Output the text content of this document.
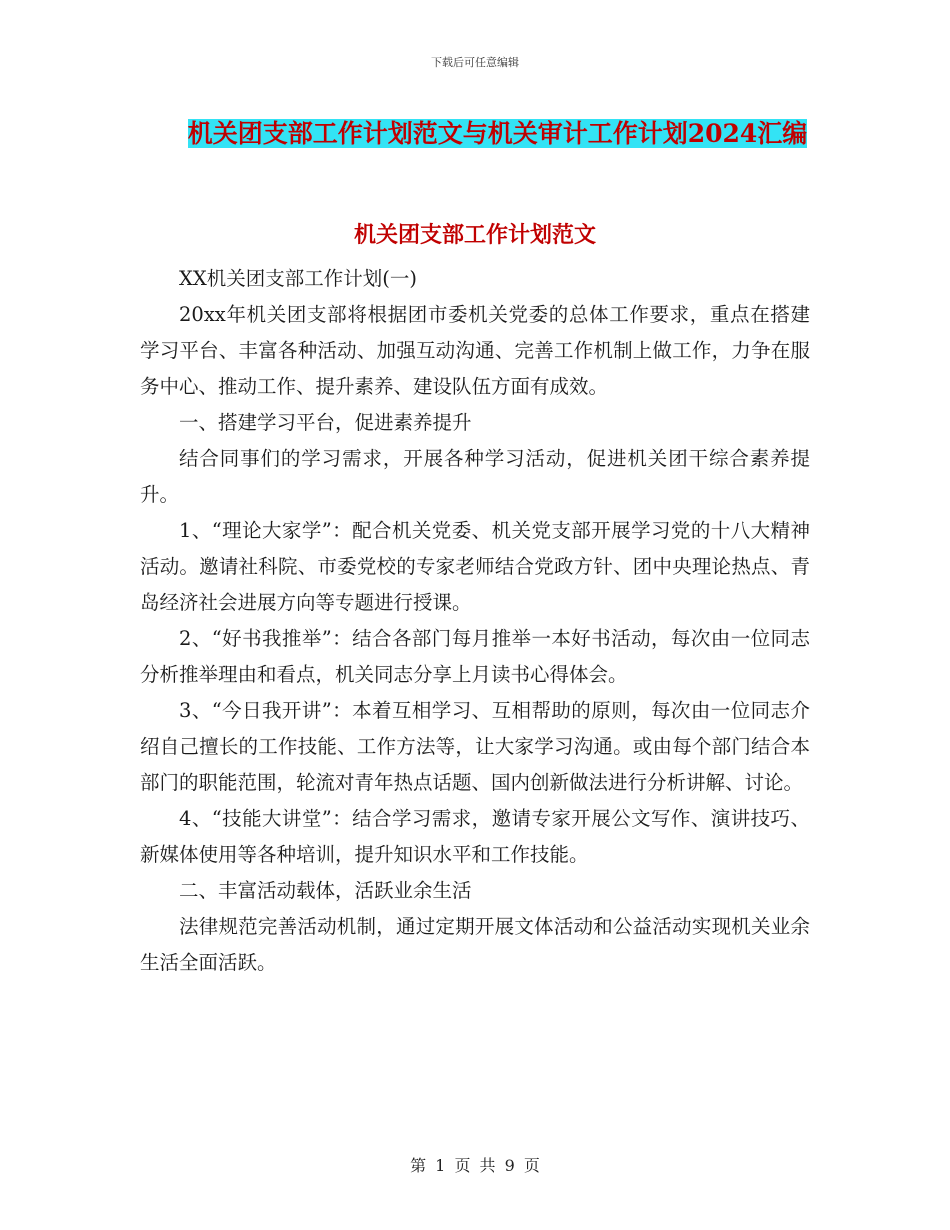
下载后可任意编辑
机关团支部工作计划范文与机关审计工作计划2024汇编
机关团支部工作计划范文

XX机关团支部工作计划(一)

20xx年机关团支部将根据团市委机关党委的总体工作要求，重点在搭建学习平台、丰富各种活动、加强互动沟通、完善工作机制上做工作，力争在服务中心、推动工作、提升素养、建设队伍方面有成效。

一、搭建学习平台，促进素养提升

结合同事们的学习需求，开展各种学习活动，促进机关团干综合素养提升。

1、“理论大家学”：配合机关党委、机关党支部开展学习党的十八大精神活动。邀请社科院、市委党校的专家老师结合党政方针、团中央理论热点、青岛经济社会进展方向等专题进行授课。

2、“好书我推举”：结合各部门每月推举一本好书活动，每次由一位同志分析推举理由和看点，机关同志分享上月读书心得体会。

3、“今日我开讲”：本着互相学习、互相帮助的原则，每次由一位同志介绍自己擅长的工作技能、工作方法等，让大家学习沟通。或由每个部门结合本部门的职能范围，轮流对青年热点话题、国内创新做法进行分析讲解、讨论。

4、“技能大讲堂”：结合学习需求，邀请专家开展公文写作、演讲技巧、新媒体使用等各种培训，提升知识水平和工作技能。

二、丰富活动载体，活跃业余生活

法律规范完善活动机制，通过定期开展文体活动和公益活动实现机关业余生活全面活跃。

第 1 页 共 9 页
